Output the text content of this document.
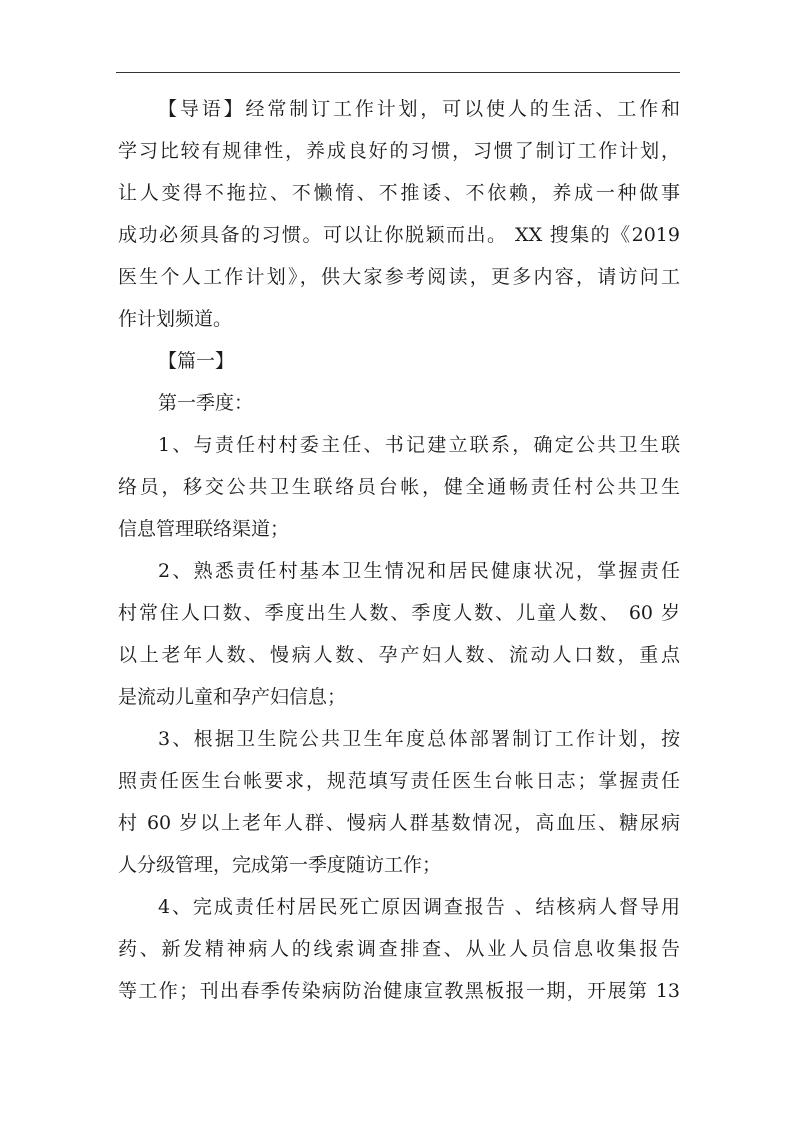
【导语】经常制订工作计划，可以使人的生活、工作和
学习比较有规律性，养成良好的习惯，习惯了制订工作计划，
让人变得不拖拉、不懒惰、不推诿、不依赖，养成一种做事
成功必须具备的习惯。可以让你脱颖而出。 XX 搜集的《2019
医生个人工作计划》，供大家参考阅读，更多内容，请访问工
作计划频道。
【篇一】
第一季度：
1、与责任村村委主任、书记建立联系，确定公共卫生联
络员，移交公共卫生联络员台帐，健全通畅责任村公共卫生
信息管理联络渠道；
2、熟悉责任村基本卫生情况和居民健康状况，掌握责任
村常住人口数、季度出生人数、季度人数、儿童人数、 60 岁
以上老年人数、慢病人数、孕产妇人数、流动人口数，重点
是流动儿童和孕产妇信息；
3、根据卫生院公共卫生年度总体部署制订工作计划，按
照责任医生台帐要求，规范填写责任医生台帐日志；掌握责任
村 60 岁以上老年人群、慢病人群基数情况，高血压、糖尿病
人分级管理，完成第一季度随访工作；
4、完成责任村居民死亡原因调查报告 、结核病人督导用
药、新发精神病人的线索调查排查、从业人员信息收集报告
等工作；刊出春季传染病防治健康宣教黑板报一期，开展第 13
